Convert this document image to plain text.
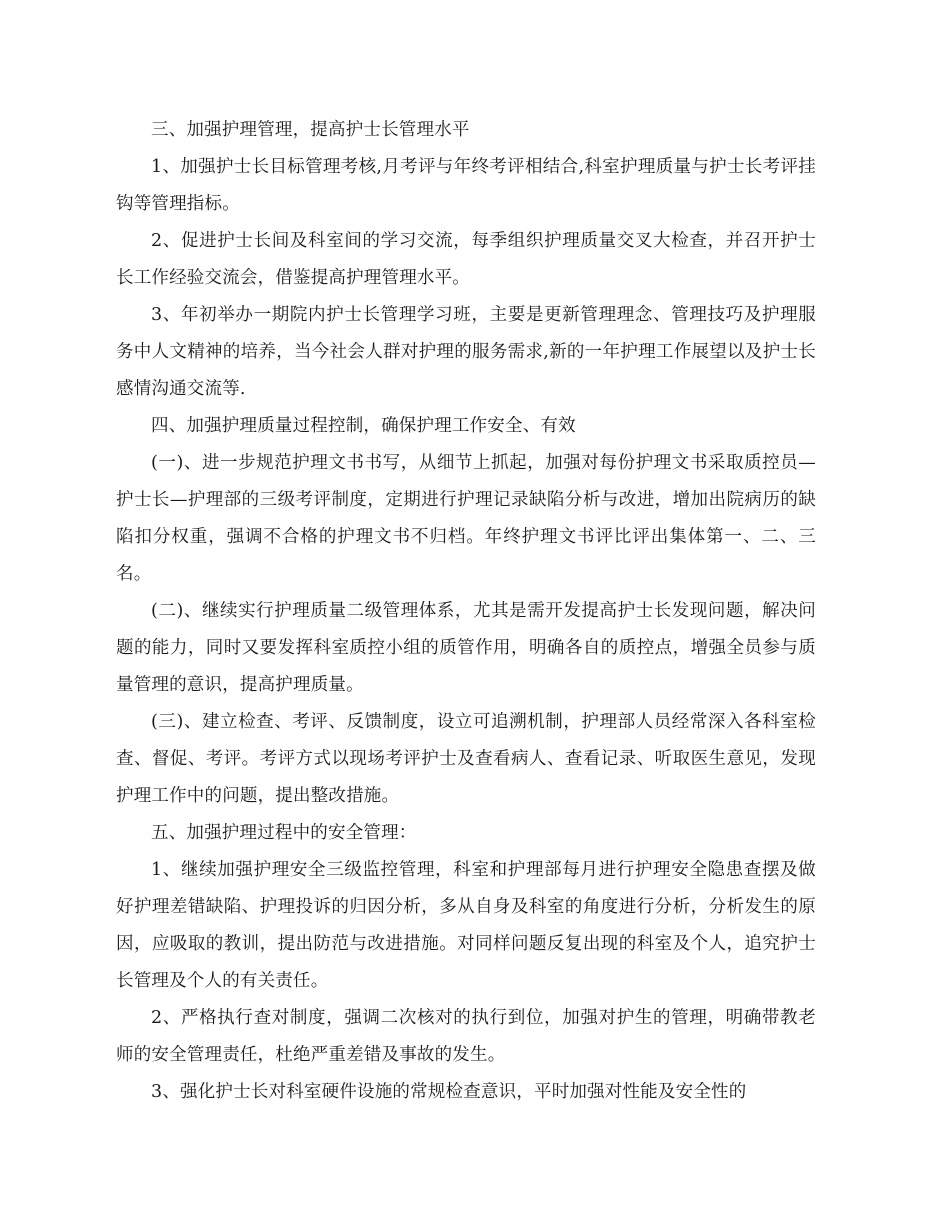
三、加强护理管理，提高护士长管理水平

1、加强护士长目标管理考核,月考评与年终考评相结合,科室护理质量与护士长考评挂钩等管理指标。

2、促进护士长间及科室间的学习交流，每季组织护理质量交叉大检查，并召开护士长工作经验交流会，借鉴提高护理管理水平。

3、年初举办一期院内护士长管理学习班，主要是更新管理理念、管理技巧及护理服务中人文精神的培养，当今社会人群对护理的服务需求,新的一年护理工作展望以及护士长感情沟通交流等.

四、加强护理质量过程控制，确保护理工作安全、有效

(一)、进一步规范护理文书书写，从细节上抓起，加强对每份护理文书采取质控员—护士长—护理部的三级考评制度，定期进行护理记录缺陷分析与改进，增加出院病历的缺陷扣分权重，强调不合格的护理文书不归档。年终护理文书评比评出集体第一、二、三名。

(二)、继续实行护理质量二级管理体系，尤其是需开发提高护士长发现问题，解决问题的能力，同时又要发挥科室质控小组的质管作用，明确各自的质控点，增强全员参与质量管理的意识，提高护理质量。

(三)、建立检查、考评、反馈制度，设立可追溯机制，护理部人员经常深入各科室检查、督促、考评。考评方式以现场考评护士及查看病人、查看记录、听取医生意见，发现护理工作中的问题，提出整改措施。

五、加强护理过程中的安全管理：

1、继续加强护理安全三级监控管理，科室和护理部每月进行护理安全隐患查摆及做好护理差错缺陷、护理投诉的归因分析，多从自身及科室的角度进行分析，分析发生的原因，应吸取的教训，提出防范与改进措施。对同样问题反复出现的科室及个人，追究护士长管理及个人的有关责任。

2、严格执行查对制度，强调二次核对的执行到位，加强对护生的管理，明确带教老师的安全管理责任，杜绝严重差错及事故的发生。

3、强化护士长对科室硬件设施的常规检查意识，平时加强对性能及安全性的
